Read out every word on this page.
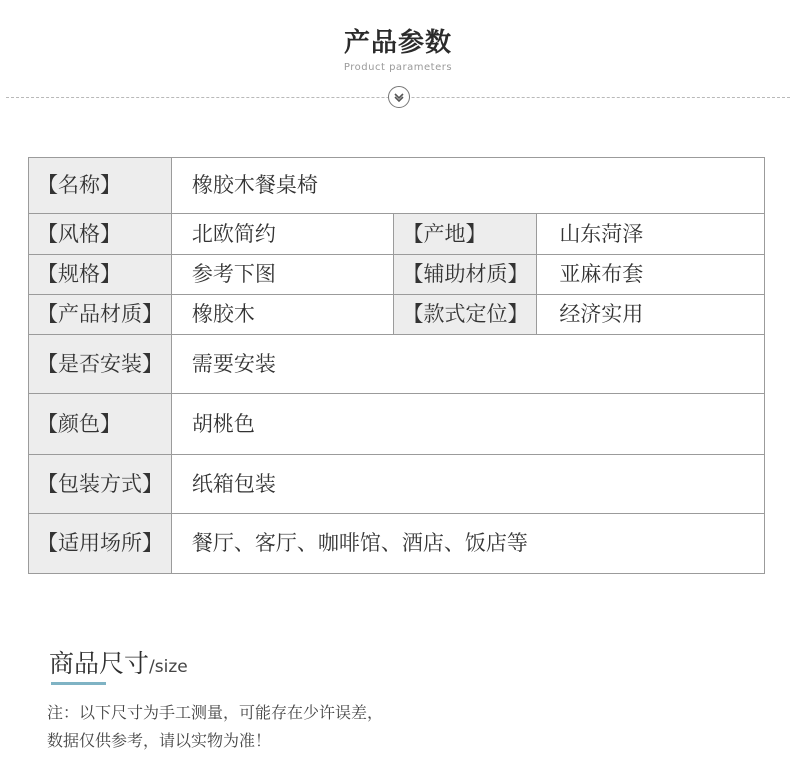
产品参数
Product parameters
【名称】	橡胶木餐桌椅		
【风格】	北欧简约	【产地】	山东菏泽
【规格】	参考下图	【辅助材质】	亚麻布套
【产品材质】	橡胶木	【款式定位】	经济实用
【是否安装】	需要安装		
【颜色】	胡桃色		
【包装方式】	纸箱包装		
【适用场所】	餐厅、客厅、咖啡馆、酒店、饭店等		
商品尺寸/size
注：以下尺寸为手工测量，可能存在少许误差，
数据仅供参考，请以实物为准！
